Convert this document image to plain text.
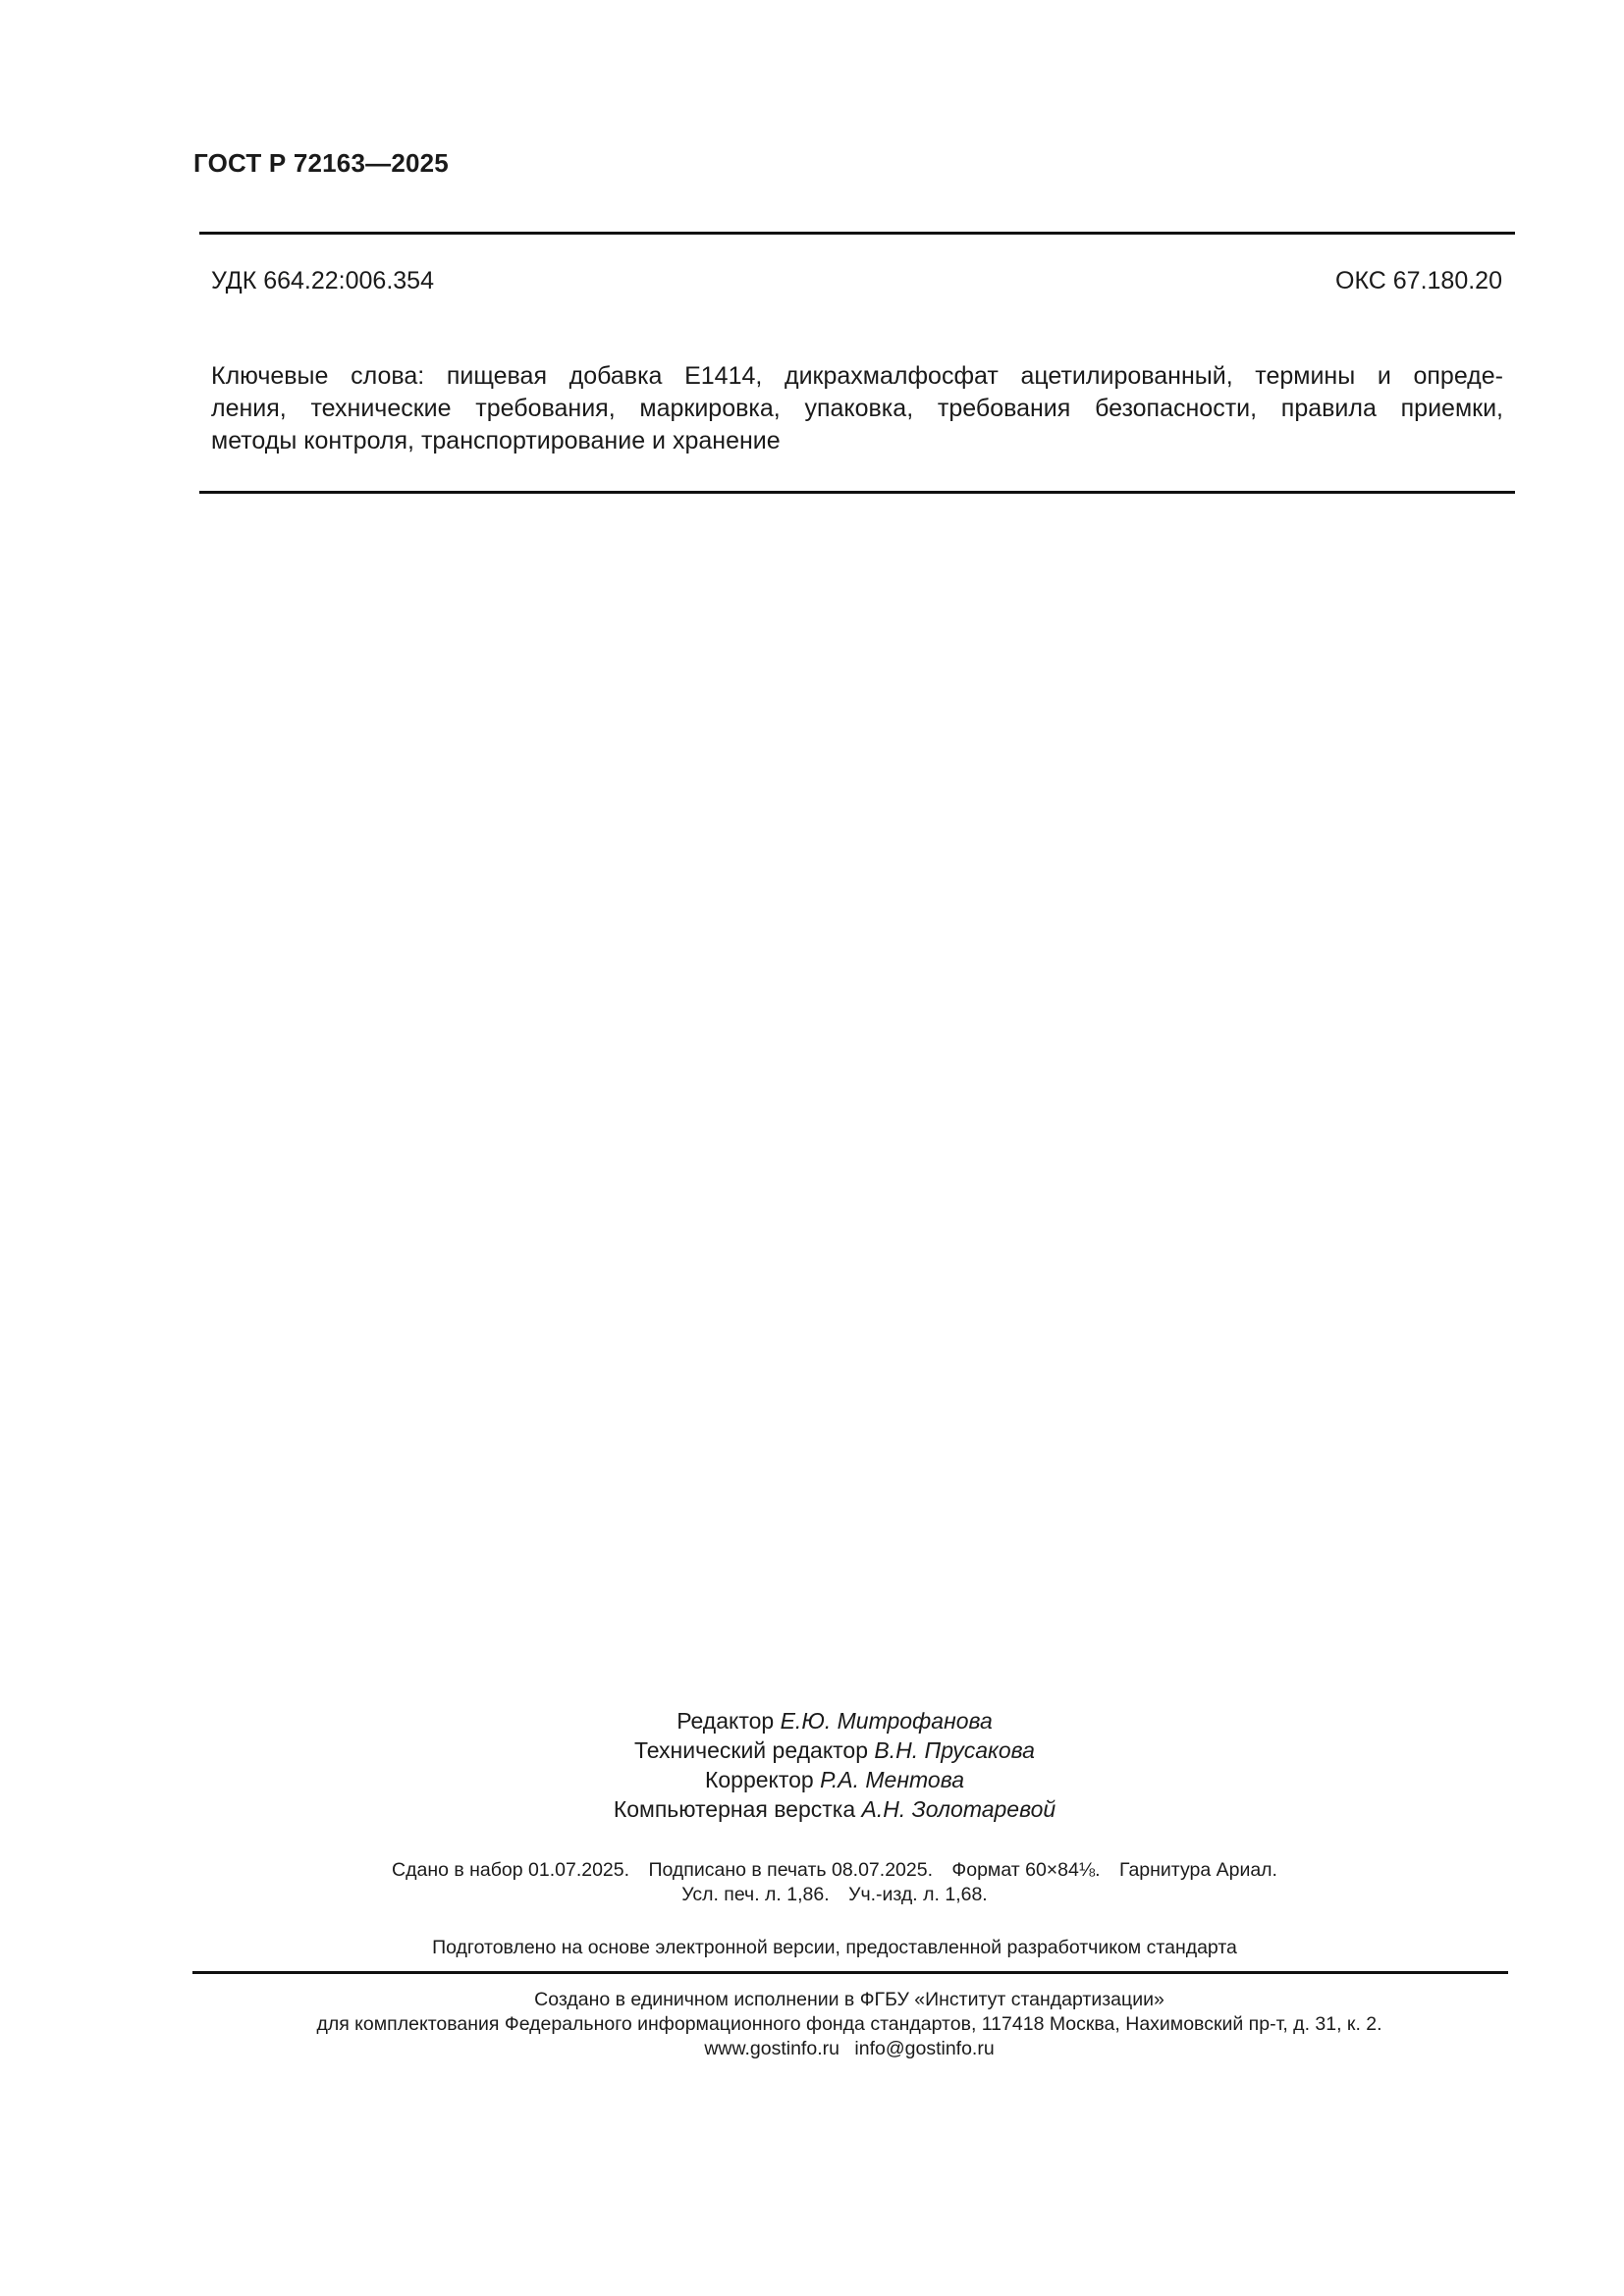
ГОСТ Р 72163—2025
УДК 664.22:006.354	ОКС 67.180.20
Ключевые слова: пищевая добавка Е1414, дикрахмалфосфат ацетилированный, термины и опреде-
ления, технические требования, маркировка, упаковка, требования безопасности, правила приемки,
методы контроля, транспортирование и хранение
Редактор Е.Ю. Митрофанова
Технический редактор В.Н. Прусакова
Корректор Р.А. Ментова
Компьютерная верстка А.Н. Золотаревой
Сдано в набор 01.07.2025. Подписано в печать 08.07.2025. Формат 60×84⅛. Гарнитура Ариал.
Усл. печ. л. 1,86. Уч.-изд. л. 1,68.
Подготовлено на основе электронной версии, предоставленной разработчиком стандарта
Создано в единичном исполнении в ФГБУ «Институт стандартизации»
для комплектования Федерального информационного фонда стандартов, 117418 Москва, Нахимовский пр-т, д. 31, к. 2.
www.gostinfo.ru info@gostinfo.ru
